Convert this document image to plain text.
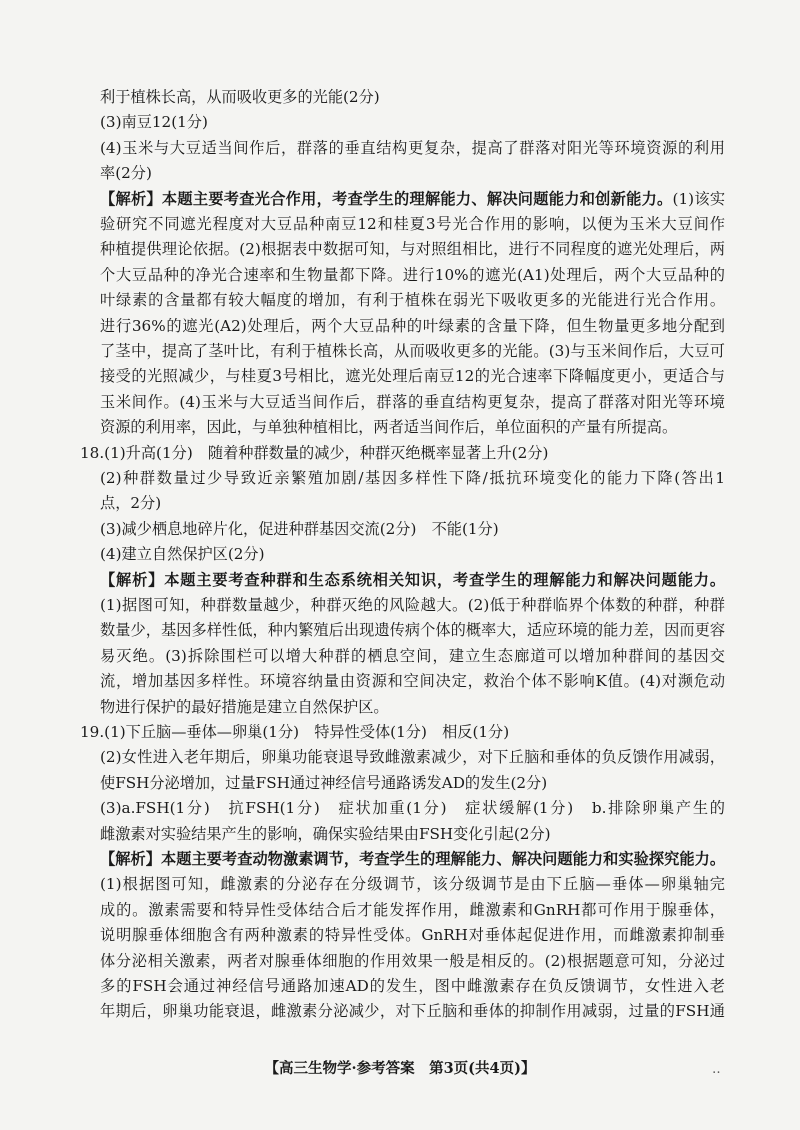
利于植株长高，从而吸收更多的光能(2分)
(3)南豆12(1分)
(4)玉米与大豆适当间作后，群落的垂直结构更复杂，提高了群落对阳光等环境资源的利用
率(2分)
【解析】本题主要考查光合作用，考查学生的理解能力、解决问题能力和创新能力。(1)该实
验研究不同遮光程度对大豆品种南豆12和桂夏3号光合作用的影响，以便为玉米大豆间作
种植提供理论依据。(2)根据表中数据可知，与对照组相比，进行不同程度的遮光处理后，两
个大豆品种的净光合速率和生物量都下降。进行10%的遮光(A1)处理后，两个大豆品种的
叶绿素的含量都有较大幅度的增加，有利于植株在弱光下吸收更多的光能进行光合作用。
进行36%的遮光(A2)处理后，两个大豆品种的叶绿素的含量下降，但生物量更多地分配到
了茎中，提高了茎叶比，有利于植株长高，从而吸收更多的光能。(3)与玉米间作后，大豆可
接受的光照减少，与桂夏3号相比，遮光处理后南豆12的光合速率下降幅度更小，更适合与
玉米间作。(4)玉米与大豆适当间作后，群落的垂直结构更复杂，提高了群落对阳光等环境
资源的利用率，因此，与单独种植相比，两者适当间作后，单位面积的产量有所提高。
18.(1)升高(1分)　随着种群数量的减少，种群灭绝概率显著上升(2分)
(2)种群数量过少导致近亲繁殖加剧/基因多样性下降/抵抗环境变化的能力下降(答出1
点，2分)
(3)减少栖息地碎片化，促进种群基因交流(2分)　不能(1分)
(4)建立自然保护区(2分)
【解析】本题主要考查种群和生态系统相关知识，考查学生的理解能力和解决问题能力。
(1)据图可知，种群数量越少，种群灭绝的风险越大。(2)低于种群临界个体数的种群，种群
数量少，基因多样性低，种内繁殖后出现遗传病个体的概率大，适应环境的能力差，因而更容
易灭绝。(3)拆除围栏可以增大种群的栖息空间，建立生态廊道可以增加种群间的基因交
流，增加基因多样性。环境容纳量由资源和空间决定，救治个体不影响K值。(4)对濒危动
物进行保护的最好措施是建立自然保护区。
19.(1)下丘脑—垂体—卵巢(1分)　特异性受体(1分)　相反(1分)
(2)女性进入老年期后，卵巢功能衰退导致雌激素减少，对下丘脑和垂体的负反馈作用减弱，
使FSH分泌增加，过量FSH通过神经信号通路诱发AD的发生(2分)
(3)a.FSH(1分)　抗FSH(1分)　症状加重(1分)　症状缓解(1分)　b.排除卵巢产生的
雌激素对实验结果产生的影响，确保实验结果由FSH变化引起(2分)
【解析】本题主要考查动物激素调节，考查学生的理解能力、解决问题能力和实验探究能力。
(1)根据图可知，雌激素的分泌存在分级调节，该分级调节是由下丘脑—垂体—卵巢轴完
成的。激素需要和特异性受体结合后才能发挥作用，雌激素和GnRH都可作用于腺垂体，
说明腺垂体细胞含有两种激素的特异性受体。GnRH对垂体起促进作用，而雌激素抑制垂
体分泌相关激素，两者对腺垂体细胞的作用效果一般是相反的。(2)根据题意可知，分泌过
多的FSH会通过神经信号通路加速AD的发生，图中雌激素存在负反馈调节，女性进入老
年期后，卵巢功能衰退，雌激素分泌减少，对下丘脑和垂体的抑制作用减弱，过量的FSH通
【高三生物学·参考答案　第3页(共4页)】	‥
